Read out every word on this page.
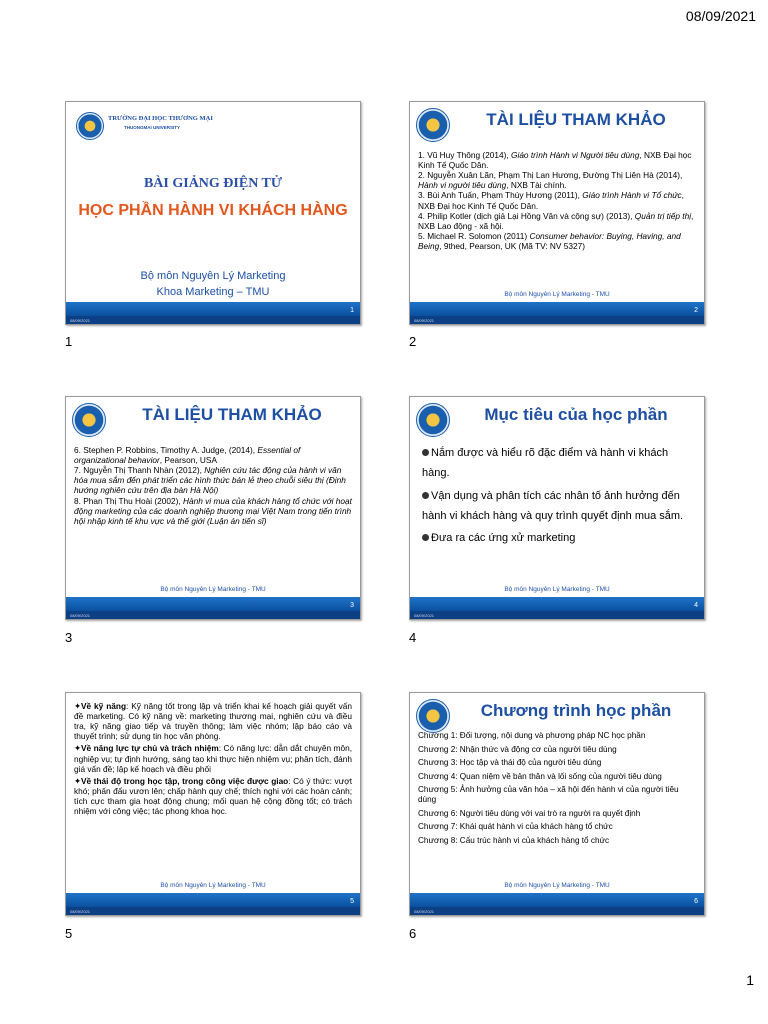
08/09/2021
TRƯỜNG ĐẠI HỌC THƯƠNG MẠI
THUONGMAI UNIVERSITY
BÀI GIẢNG ĐIỆN TỬ
HỌC PHẦN HÀNH VI KHÁCH HÀNG
Bộ môn Nguyên Lý Marketing
Khoa Marketing – TMU
1
08/09/2021
1
TÀI LIỆU THAM KHẢO
1. Vũ Huy Thông (2014), Giáo trình Hành vi Người tiêu dùng, NXB Đại học Kinh Tế Quốc Dân.
2. Nguyễn Xuân Lãn, Phạm Thị Lan Hương, Đường Thị Liên Hà (2014), Hành vi người tiêu dùng, NXB Tài chính.
3. Bùi Anh Tuấn, Phạm Thúy Hương (2011), Giáo trình Hành vi Tổ chức, NXB Đại học Kinh Tế Quốc Dân.
4. Philip Kotler (dịch giả Lại Hồng Vân và cộng sự) (2013), Quản trị tiếp thị, NXB Lao động - xã hội.
5. Michael R. Solomon (2011) Consumer behavior: Buying, Having, and Being, 9thed, Pearson, UK (Mã TV: NV 5327)
Bộ môn Nguyên Lý Marketing - TMU
2
08/09/2021
2
TÀI LIỆU THAM KHẢO
6. Stephen P. Robbins, Timothy A. Judge, (2014), Essential of organizational behavior, Pearson, USA
7. Nguyễn Thị Thanh Nhàn (2012), Nghiên cứu tác động của hành vi văn hóa mua sắm đến phát triển các hình thức bán lẻ theo chuỗi siêu thị (Định hướng nghiên cứu trên địa bàn Hà Nội)
8. Phan Thị Thu Hoài (2002), Hành vi mua của khách hàng tổ chức với hoạt động marketing của các doanh nghiệp thương mại Việt Nam trong tiến trình hội nhập kinh tế khu vực và thế giới (Luận án tiến sĩ)
Bộ môn Nguyên Lý Marketing - TMU
3
08/09/2021
3
Mục tiêu của học phần

Nắm được và hiểu rõ đặc điểm và hành vi khách hàng.

Vận dụng và phân tích các nhân tố ảnh hưởng đến hành vi khách hàng và quy trình quyết định mua sắm.

Đưa ra các ứng xử marketing

Bộ môn Nguyên Lý Marketing - TMU
4
08/09/2021
4

✦Về kỹ năng: Kỹ năng tốt trong lập và triển khai kế hoạch giải quyết vấn đề marketing. Có kỹ năng về: marketing thương mại, nghiên cứu và điều tra, kỹ năng giao tiếp và truyền thông; làm việc nhóm; lập báo cáo và thuyết trình; sử dụng tin học văn phòng.

✦Về năng lực tự chủ và trách nhiệm: Có năng lực: dẫn dắt chuyên môn, nghiệp vụ; tự định hướng, sáng tạo khi thực hiện nhiệm vụ; phân tích, đánh giá vấn đề; lập kế hoạch và điều phối

✦Về thái độ trong học tập, trong công việc được giao: Có ý thức: vượt khó; phấn đấu vươn lên; chấp hành quy chế; thích nghi với các hoàn cảnh; tích cực tham gia hoạt động chung; mối quan hệ cộng đồng tốt; có trách nhiệm với công việc; tác phong khoa học.

Bộ môn Nguyên Lý Marketing - TMU
5
08/09/2021
5
Chương trình học phần
Chương 1: Đối tượng, nội dung và phương pháp NC học phần
Chương 2: Nhận thức và động cơ của người tiêu dùng
Chương 3: Học tập và thái độ của người tiêu dùng
Chương 4: Quan niệm về bản thân và lối sống của người tiêu dùng
Chương 5: Ảnh hưởng của văn hóa – xã hội đến hành vi của người tiêu dùng
Chương 6: Người tiêu dùng với vai trò ra người ra quyết định
Chương 7: Khái quát hành vi của khách hàng tổ chức
Chương 8: Cấu trúc hành vi của khách hàng tổ chức
Bộ môn Nguyên Lý Marketing - TMU
6
08/09/2021
6
1
